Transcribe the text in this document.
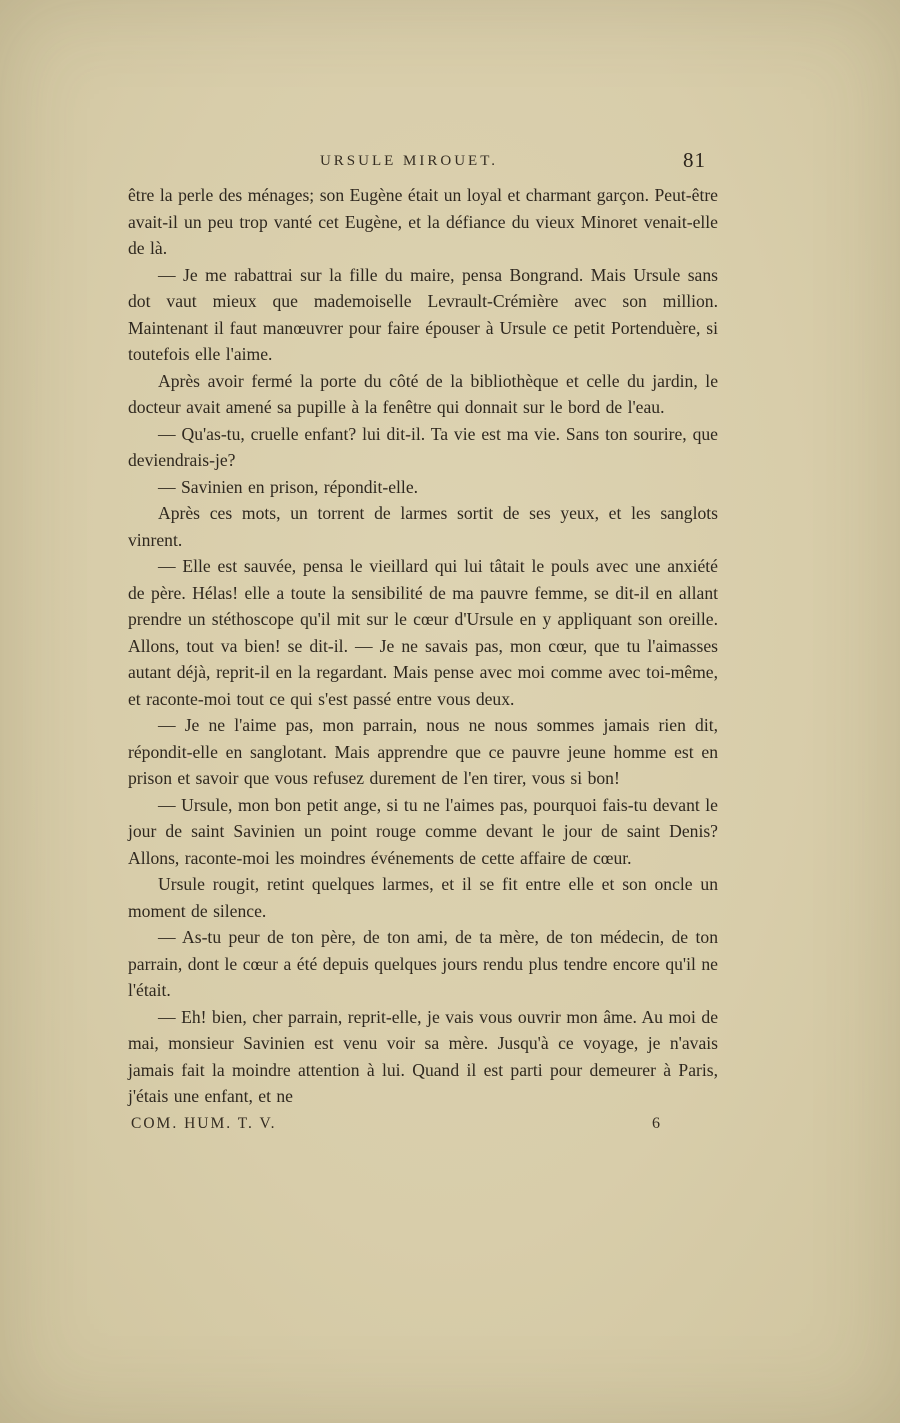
URSULE MIROUET.	81

être la perle des ménages; son Eugène était un loyal et charmant garçon. Peut-être avait-il un peu trop vanté cet Eugène, et la défiance du vieux Minoret venait-elle de là.

— Je me rabattrai sur la fille du maire, pensa Bongrand. Mais Ursule sans dot vaut mieux que mademoiselle Levrault-Crémière avec son million. Maintenant il faut manœuvrer pour faire épouser à Ursule ce petit Portenduère, si toutefois elle l'aime.

Après avoir fermé la porte du côté de la bibliothèque et celle du jardin, le docteur avait amené sa pupille à la fenêtre qui donnait sur le bord de l'eau.

— Qu'as-tu, cruelle enfant? lui dit-il. Ta vie est ma vie. Sans ton sourire, que deviendrais-je?

— Savinien en prison, répondit-elle.

Après ces mots, un torrent de larmes sortit de ses yeux, et les sanglots vinrent.

— Elle est sauvée, pensa le vieillard qui lui tâtait le pouls avec une anxiété de père. Hélas! elle a toute la sensibilité de ma pauvre femme, se dit-il en allant prendre un stéthoscope qu'il mit sur le cœur d'Ursule en y appliquant son oreille. Allons, tout va bien! se dit-il. — Je ne savais pas, mon cœur, que tu l'aimasses autant déjà, reprit-il en la regardant. Mais pense avec moi comme avec toi-même, et raconte-moi tout ce qui s'est passé entre vous deux.

— Je ne l'aime pas, mon parrain, nous ne nous sommes jamais rien dit, répondit-elle en sanglotant. Mais apprendre que ce pauvre jeune homme est en prison et savoir que vous refusez durement de l'en tirer, vous si bon!

— Ursule, mon bon petit ange, si tu ne l'aimes pas, pourquoi fais-tu devant le jour de saint Savinien un point rouge comme devant le jour de saint Denis? Allons, raconte-moi les moindres événements de cette affaire de cœur.

Ursule rougit, retint quelques larmes, et il se fit entre elle et son oncle un moment de silence.

— As-tu peur de ton père, de ton ami, de ta mère, de ton médecin, de ton parrain, dont le cœur a été depuis quelques jours rendu plus tendre encore qu'il ne l'était.

— Eh! bien, cher parrain, reprit-elle, je vais vous ouvrir mon âme. Au moi de mai, monsieur Savinien est venu voir sa mère. Jusqu'à ce voyage, je n'avais jamais fait la moindre attention à lui. Quand il est parti pour demeurer à Paris, j'étais une enfant, et ne

COM. HUM. T. V.	6
